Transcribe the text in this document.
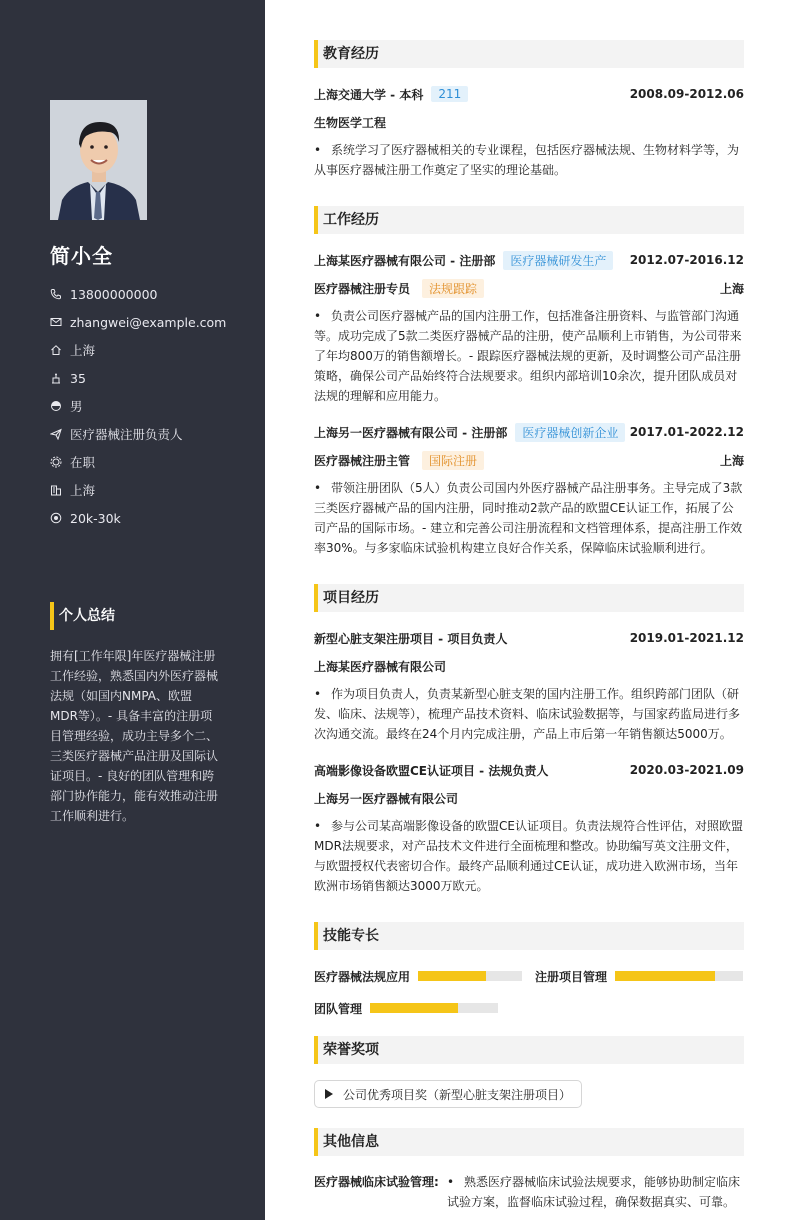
简小全
13800000000
zhangwei@example.com
上海
35
男
医疗器械注册负责人
在职
上海
20k-30k
个人总结
拥有[工作年限]年医疗器械注册工作经验，熟悉国内外医疗器械法规（如国内NMPA、欧盟MDR等）。- 具备丰富的注册项目管理经验，成功主导多个二、三类医疗器械产品注册及国际认证项目。- 良好的团队管理和跨部门协作能力，能有效推动注册工作顺利进行。
教育经历
上海交通大学 - 本科	211	2008.09-2012.06
生物医学工程
• 系统学习了医疗器械相关的专业课程，包括医疗器械法规、生物材料学等，为从事医疗器械注册工作奠定了坚实的理论基础。
工作经历
上海某医疗器械有限公司 - 注册部	医疗器械研发生产	2012.07-2016.12
医疗器械注册专员	法规跟踪	上海
• 负责公司医疗器械产品的国内注册工作，包括准备注册资料、与监管部门沟通等。成功完成了5款二类医疗器械产品的注册，使产品顺利上市销售，为公司带来了年均800万的销售额增长。- 跟踪医疗器械法规的更新，及时调整公司产品注册策略，确保公司产品始终符合法规要求。组织内部培训10余次，提升团队成员对法规的理解和应用能力。
上海另一医疗器械有限公司 - 注册部	医疗器械创新企业 2017.01-2022.12
医疗器械注册主管	国际注册	上海
• 带领注册团队（5人）负责公司国内外医疗器械产品注册事务。主导完成了3款三类医疗器械产品的国内注册，同时推动2款产品的欧盟CE认证工作，拓展了公司产品的国际市场。- 建立和完善公司注册流程和文档管理体系，提高注册工作效率30%。与多家临床试验机构建立良好合作关系，保障临床试验顺利进行。
项目经历
新型心脏支架注册项目 - 项目负责人	2019.01-2021.12
上海某医疗器械有限公司
• 作为项目负责人，负责某新型心脏支架的国内注册工作。组织跨部门团队（研发、临床、法规等），梳理产品技术资料、临床试验数据等，与国家药监局进行多次沟通交流。最终在24个月内完成注册，产品上市后第一年销售额达5000万。
高端影像设备欧盟CE认证项目 - 法规负责人	2020.03-2021.09
上海另一医疗器械有限公司
• 参与公司某高端影像设备的欧盟CE认证项目。负责法规符合性评估，对照欧盟MDR法规要求，对产品技术文件进行全面梳理和整改。协助编写英文注册文件，与欧盟授权代表密切合作。最终产品顺利通过CE认证，成功进入欧洲市场，当年欧洲市场销售额达3000万欧元。
技能专长
医疗器械法规应用	注册项目管理
团队管理
荣誉奖项
公司优秀项目奖（新型心脏支架注册项目）
其他信息
医疗器械临床试验管理: • 熟悉医疗器械临床试验法规要求，能够协助制定临床试验方案，监督临床试验过程，确保数据真实、可靠。
